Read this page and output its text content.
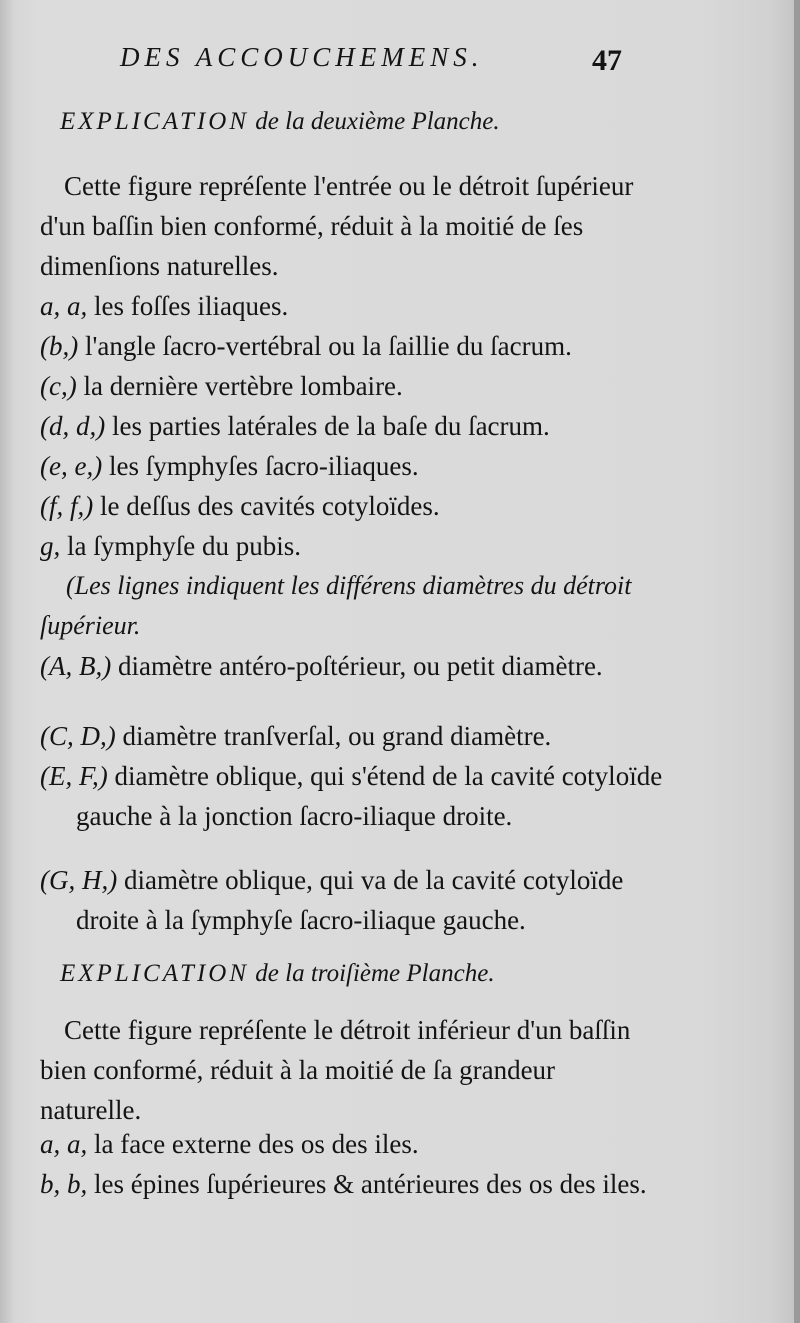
DES ACCOUCHEMENS.	47
EXPLICATION de la deuxième Planche.
Cette figure repréſente l'entrée ou le détroit ſupérieur d'un baſſin bien conformé, réduit à la moitié de ſes dimenſions naturelles.
a, a, les foſſes iliaques.
(b,) l'angle ſacro-vertébral ou la ſaillie du ſacrum.
(c,) la dernière vertèbre lombaire.
(d, d,) les parties latérales de la baſe du ſacrum.
(e, e,) les ſymphyſes ſacro-iliaques.
(f, f,) le deſſus des cavités cotyloïdes.
g, la ſymphyſe du pubis.
(Les lignes indiquent les différens diamètres du détroit ſupérieur.
(A, B,) diamètre antéro-poſtérieur, ou petit diamètre.
(C, D,) diamètre tranſverſal, ou grand diamètre.
(E, F,) diamètre oblique, qui s'étend de la cavité cotyloïde gauche à la jonction ſacro-iliaque droite.
(G, H,) diamètre oblique, qui va de la cavité cotyloïde droite à la ſymphyſe ſacro-iliaque gauche.
EXPLICATION de la troiſième Planche.
Cette figure repréſente le détroit inférieur d'un baſſin bien conformé, réduit à la moitié de ſa grandeur naturelle.
a, a, la face externe des os des iles.
b, b, les épines ſupérieures & antérieures des os des iles.
